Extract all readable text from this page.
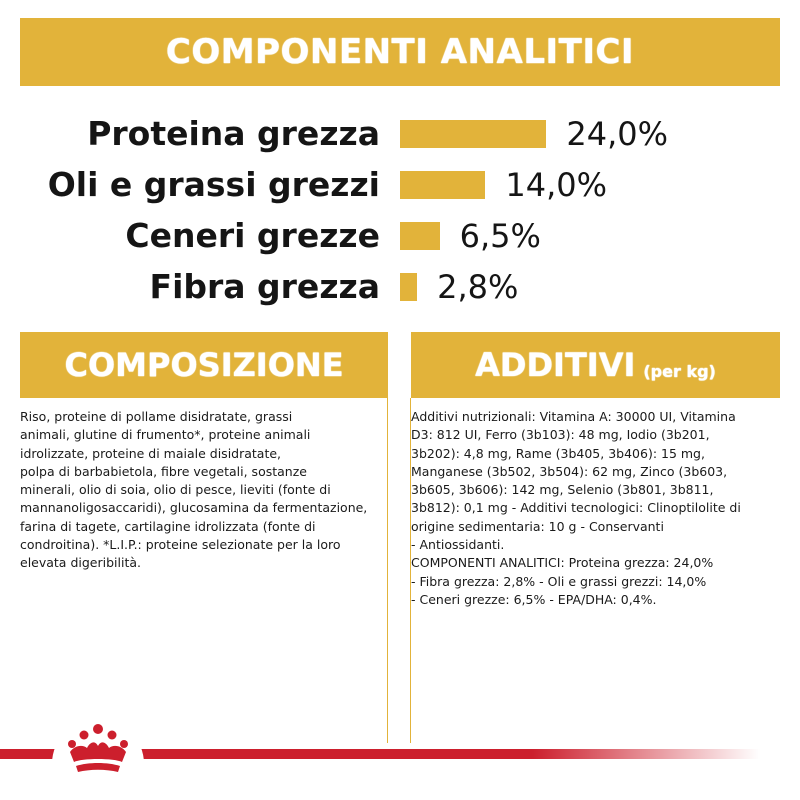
COMPONENTI ANALITICI
Proteina grezza	24,0%
Oli e grassi grezzi	14,0%
Ceneri grezze 6,5%
Fibra grezza 2,8%
COMPOSIZIONE	ADDITIVI (per kg)
Riso, proteine di pollame disidratate, grassi
animali, glutine di frumento*, proteine animali
idrolizzate, proteine di maiale disidratate,
polpa di barbabietola, fibre vegetali, sostanze
minerali, olio di soia, olio di pesce, lieviti (fonte di
mannanoligosaccaridi), glucosamina da fermentazione,
farina di tagete, cartilagine idrolizzata (fonte di
condroitina). *L.I.P.: proteine selezionate per la loro
elevata digeribilità.
Additivi nutrizionali: Vitamina A: 30000 UI, Vitamina
D3: 812 UI, Ferro (3b103): 48 mg, Iodio (3b201,
3b202): 4,8 mg, Rame (3b405, 3b406): 15 mg,
Manganese (3b502, 3b504): 62 mg, Zinco (3b603,
3b605, 3b606): 142 mg, Selenio (3b801, 3b811,
3b812): 0,1 mg - Additivi tecnologici: Clinoptilolite di
origine sedimentaria: 10 g - Conservanti
- Antiossidanti.
COMPONENTI ANALITICI: Proteina grezza: 24,0%
- Fibra grezza: 2,8% - Oli e grassi grezzi: 14,0%
- Ceneri grezze: 6,5% - EPA/DHA: 0,4%.
